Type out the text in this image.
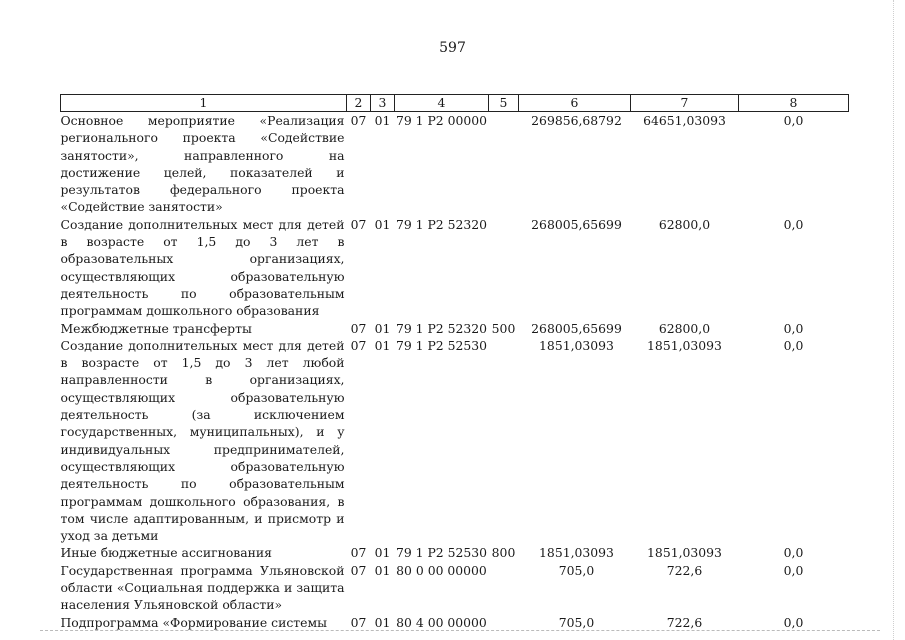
597
1	2	3	4	5	6	7	8
Основное мероприятие «Реализация регионального проекта «Содействие занятости», направленного на достижение целей, показателей и результатов федерального проекта «Содействие занятости»	07	01	79 1 P2 00000		269856,68792	64651,03093	0,0
Создание дополнительных мест для детей в возрасте от 1,5 до 3 лет в образовательных организациях, осуществляющих образовательную деятельность по образовательным программам дошкольного образования	07	01	79 1 P2 52320		268005,65699	62800,0	0,0
Межбюджетные трансферты	07	01	79 1 P2 52320	500	268005,65699	62800,0	0,0
Создание дополнительных мест для детей в возрасте от 1,5 до 3 лет любой направленности в организациях, осуществляющих образовательную деятельность (за исключением государственных, муниципальных), и у индивидуальных предпринимателей, осуществляющих образовательную деятельность по образовательным программам дошкольного образования, в том числе адаптированным, и присмотр и уход за детьми	07	01	79 1 P2 52530		1851,03093	1851,03093	0,0
Иные бюджетные ассигнования	07	01	79 1 P2 52530	800	1851,03093	1851,03093	0,0
Государственная программа Ульяновской области «Социальная поддержка и защита населения Ульяновской области»	07	01	80 0 00 00000		705,0	722,6	0,0
Подпрограмма «Формирование системы	07	01	80 4 00 00000		705,0	722,6	0,0
